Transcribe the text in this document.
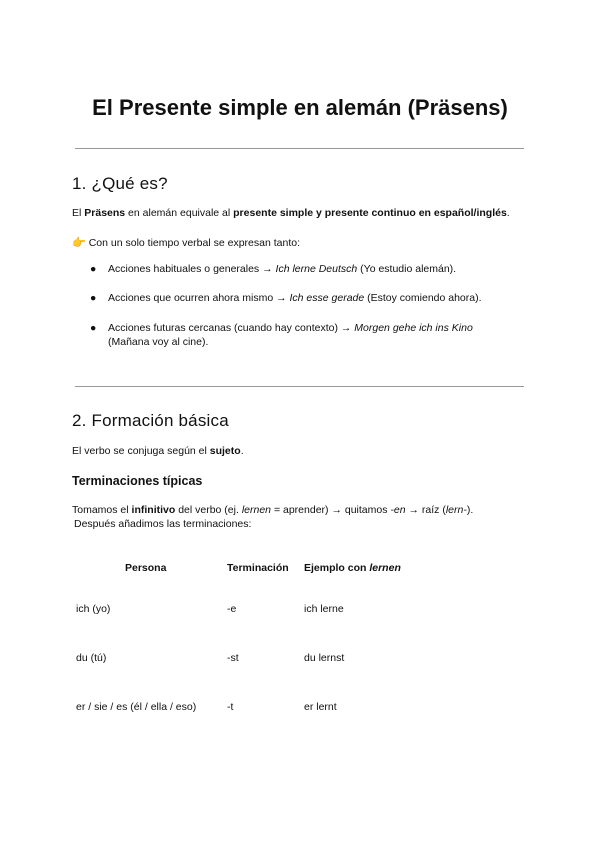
El Presente simple en alemán (Präsens)
1. ¿Qué es?

El Präsens en alemán equivale al presente simple y presente continuo en español/inglés.

👉 Con un solo tiempo verbal se expresan tanto:

● Acciones habituales o generales → Ich lerne Deutsch (Yo estudio alemán).
● Acciones que ocurren ahora mismo → Ich esse gerade (Estoy comiendo ahora).
● Acciones futuras cercanas (cuando hay contexto) → Morgen gehe ich ins Kino (Mañana voy al cine).
2. Formación básica

El verbo se conjuga según el sujeto.

Terminaciones típicas

Tomamos el infinitivo del verbo (ej. lernen = aprender) → quitamos -en → raíz (lern-).
Después añadimos las terminaciones:

Persona	Terminación	Ejemplo con lernen
ich (yo)	-e	ich lerne
du (tú)	-st	du lernst
er / sie / es (él / ella / eso)	-t	er lernt
